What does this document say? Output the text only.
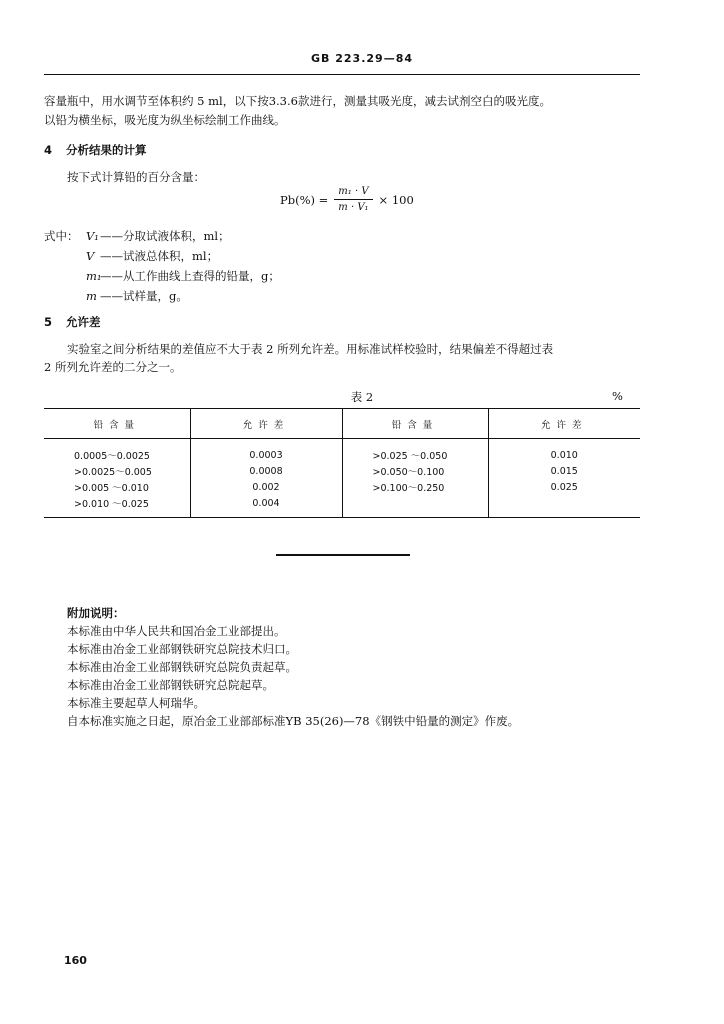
GB 223.29—84
容量瓶中，用水调节至体积约 5 ml，以下按3.3.6款进行，测量其吸光度，减去试剂空白的吸光度。
以铅为横坐标，吸光度为纵坐标绘制工作曲线。
4 分析结果的计算
按下式计算铅的百分含量：
$Pb(\%) = \frac{\text{m₁ · V}}{\text{m · V₁}} \times 100$
式中： V₁ ——分取试液体积，ml；
V ——试液总体积，ml；
m₁
——从工作曲线上查得的铅量，g；
m ——试样量，g。
5 允许差
实验室之间分析结果的差值应不大于表 2 所列允许差。用标准试样校验时，结果偏差不得超过表
2 所列允许差的二分之一。
表 2	%
铅含量	允许差	铅含量	允许差
0.0005～0.0025	0.0003	>0.025 ～0.050	0.010
>0.0025～0.005	0.0008	>0.050～0.100	0.015
>0.005 ～0.010	0.002	>0.100～0.250	0.025
>0.010 ～0.025	0.004		
附加说明：
本标准由中华人民共和国冶金工业部提出。
本标准由冶金工业部钢铁研究总院技术归口。
本标准由冶金工业部钢铁研究总院负责起草。
本标准由冶金工业部钢铁研究总院起草。
本标准主要起草人柯瑞华。
自本标准实施之日起，原冶金工业部部标准YB 35(26)—78《钢铁中铅量的测定》作废。
160
